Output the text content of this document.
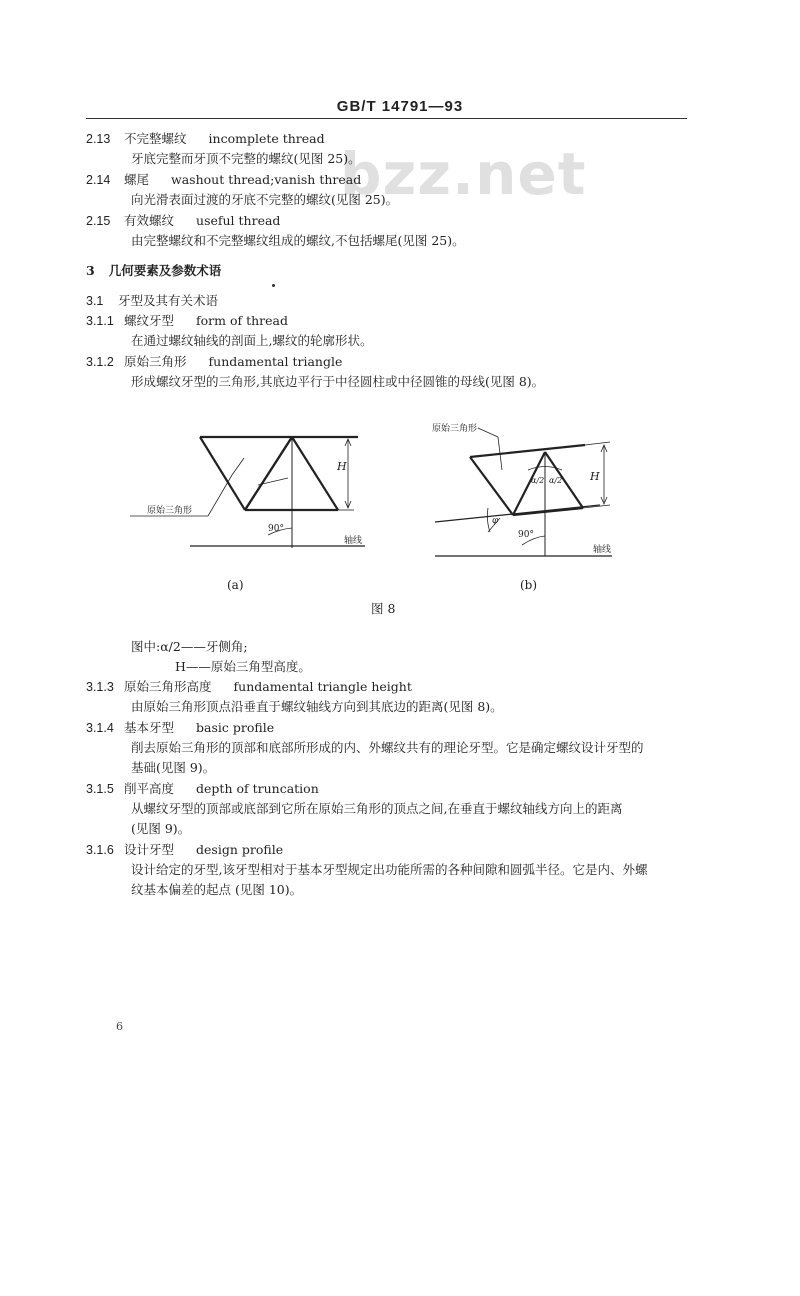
GB/T 14791—93
bzz.net
2.13 不完整螺纹 incomplete thread
牙底完整而牙顶不完整的螺纹(见图 25)。
2.14 螺尾 washout thread;vanish thread
向光滑表面过渡的牙底不完整的螺纹(见图 25)。
2.15 有效螺纹 useful thread
由完整螺纹和不完整螺纹组成的螺纹,不包括螺尾(见图 25)。
3 几何要素及参数术语
3.1 牙型及其有关术语
3.1.1 螺纹牙型 form of thread
在通过螺纹轴线的剖面上,螺纹的轮廓形状。
3.1.2 原始三角形 fundamental triangle
形成螺纹牙型的三角形,其底边平行于中径圆柱或中径圆锥的母线(见图 8)。
原始三角形
H
90°
轴线
原始三角形
H
α/2 α/2
φ
90°
轴线
(a)	(b)
图 8
图中:α/2——牙侧角;
H——原始三角型高度。
3.1.3 原始三角形高度 fundamental triangle height
由原始三角形顶点沿垂直于螺纹轴线方向到其底边的距离(见图 8)。
3.1.4 基本牙型 basic profile
削去原始三角形的顶部和底部所形成的内、外螺纹共有的理论牙型。它是确定螺纹设计牙型的
基础(见图 9)。
3.1.5 削平高度 depth of truncation
从螺纹牙型的顶部或底部到它所在原始三角形的顶点之间,在垂直于螺纹轴线方向上的距离
(见图 9)。
3.1.6 设计牙型 design profile
设计给定的牙型,该牙型相对于基本牙型规定出功能所需的各种间隙和圆弧半径。它是内、外螺
纹基本偏差的起点 (见图 10)。
6
